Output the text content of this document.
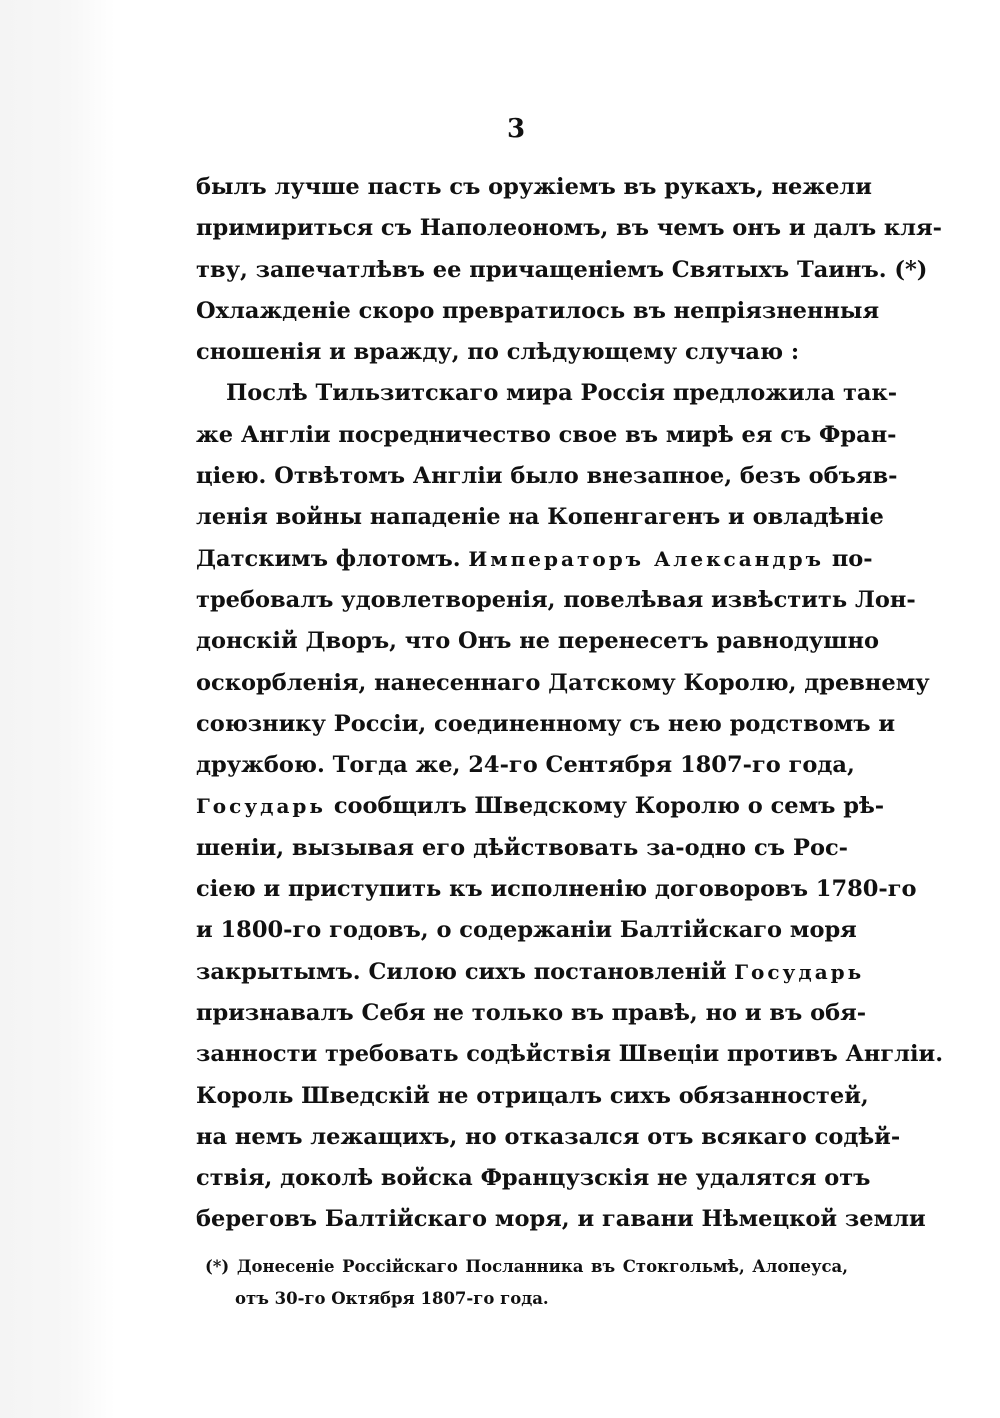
3
былъ лучше пасть съ оружіемъ въ рукахъ, нежели
примириться съ Наполеономъ, въ чемъ онъ и далъ кля-
тву, запечатлѣвъ ее причащеніемъ Святыхъ Таинъ. (*)
Охлажденіе скоро превратилось въ непріязненныя
сношенія и вражду, по слѣдующему случаю :
Послѣ Тильзитскаго мира Россія предложила так-
же Англіи посредничество свое въ мирѣ ея съ Фран-
ціею. Отвѣтомъ Англіи было внезапное, безъ объяв-
ленія войны нападеніе на Копенгагенъ и овладѣніе
Датскимъ флотомъ. Императоръ Александръ по-
требовалъ удовлетворенія, повелѣвая извѣстить Лон-
донскій Дворъ, что Онъ не перенесетъ равнодушно
оскорбленія, нанесеннаго Датскому Королю, древнему
союзнику Россіи, соединенному съ нею родствомъ и
дружбою. Тогда же, 24-го Сентября 1807-го года,
Государь сообщилъ Шведскому Королю о семъ рѣ-
шеніи, вызывая его дѣйствовать за-одно съ Рос-
сіею и приступить къ исполненію договоровъ 1780-го
и 1800-го годовъ, о содержаніи Балтійскаго моря
закрытымъ. Силою сихъ постановленій Государь
признавалъ Себя не только въ правѣ, но и въ обя-
занности требовать содѣйствія Швеціи противъ Англіи.
Король Шведскій не отрицалъ сихъ обязанностей,
на немъ лежащихъ, но отказался отъ всякаго содѣй-
ствія, доколѣ войска Французскія не удалятся отъ
береговъ Балтійскаго моря, и гавани Нѣмецкой земли
(*) Донесеніе Россійскаго Посланника въ Стокгольмѣ, Алопеуса,
отъ 30-го Октября 1807-го года.
